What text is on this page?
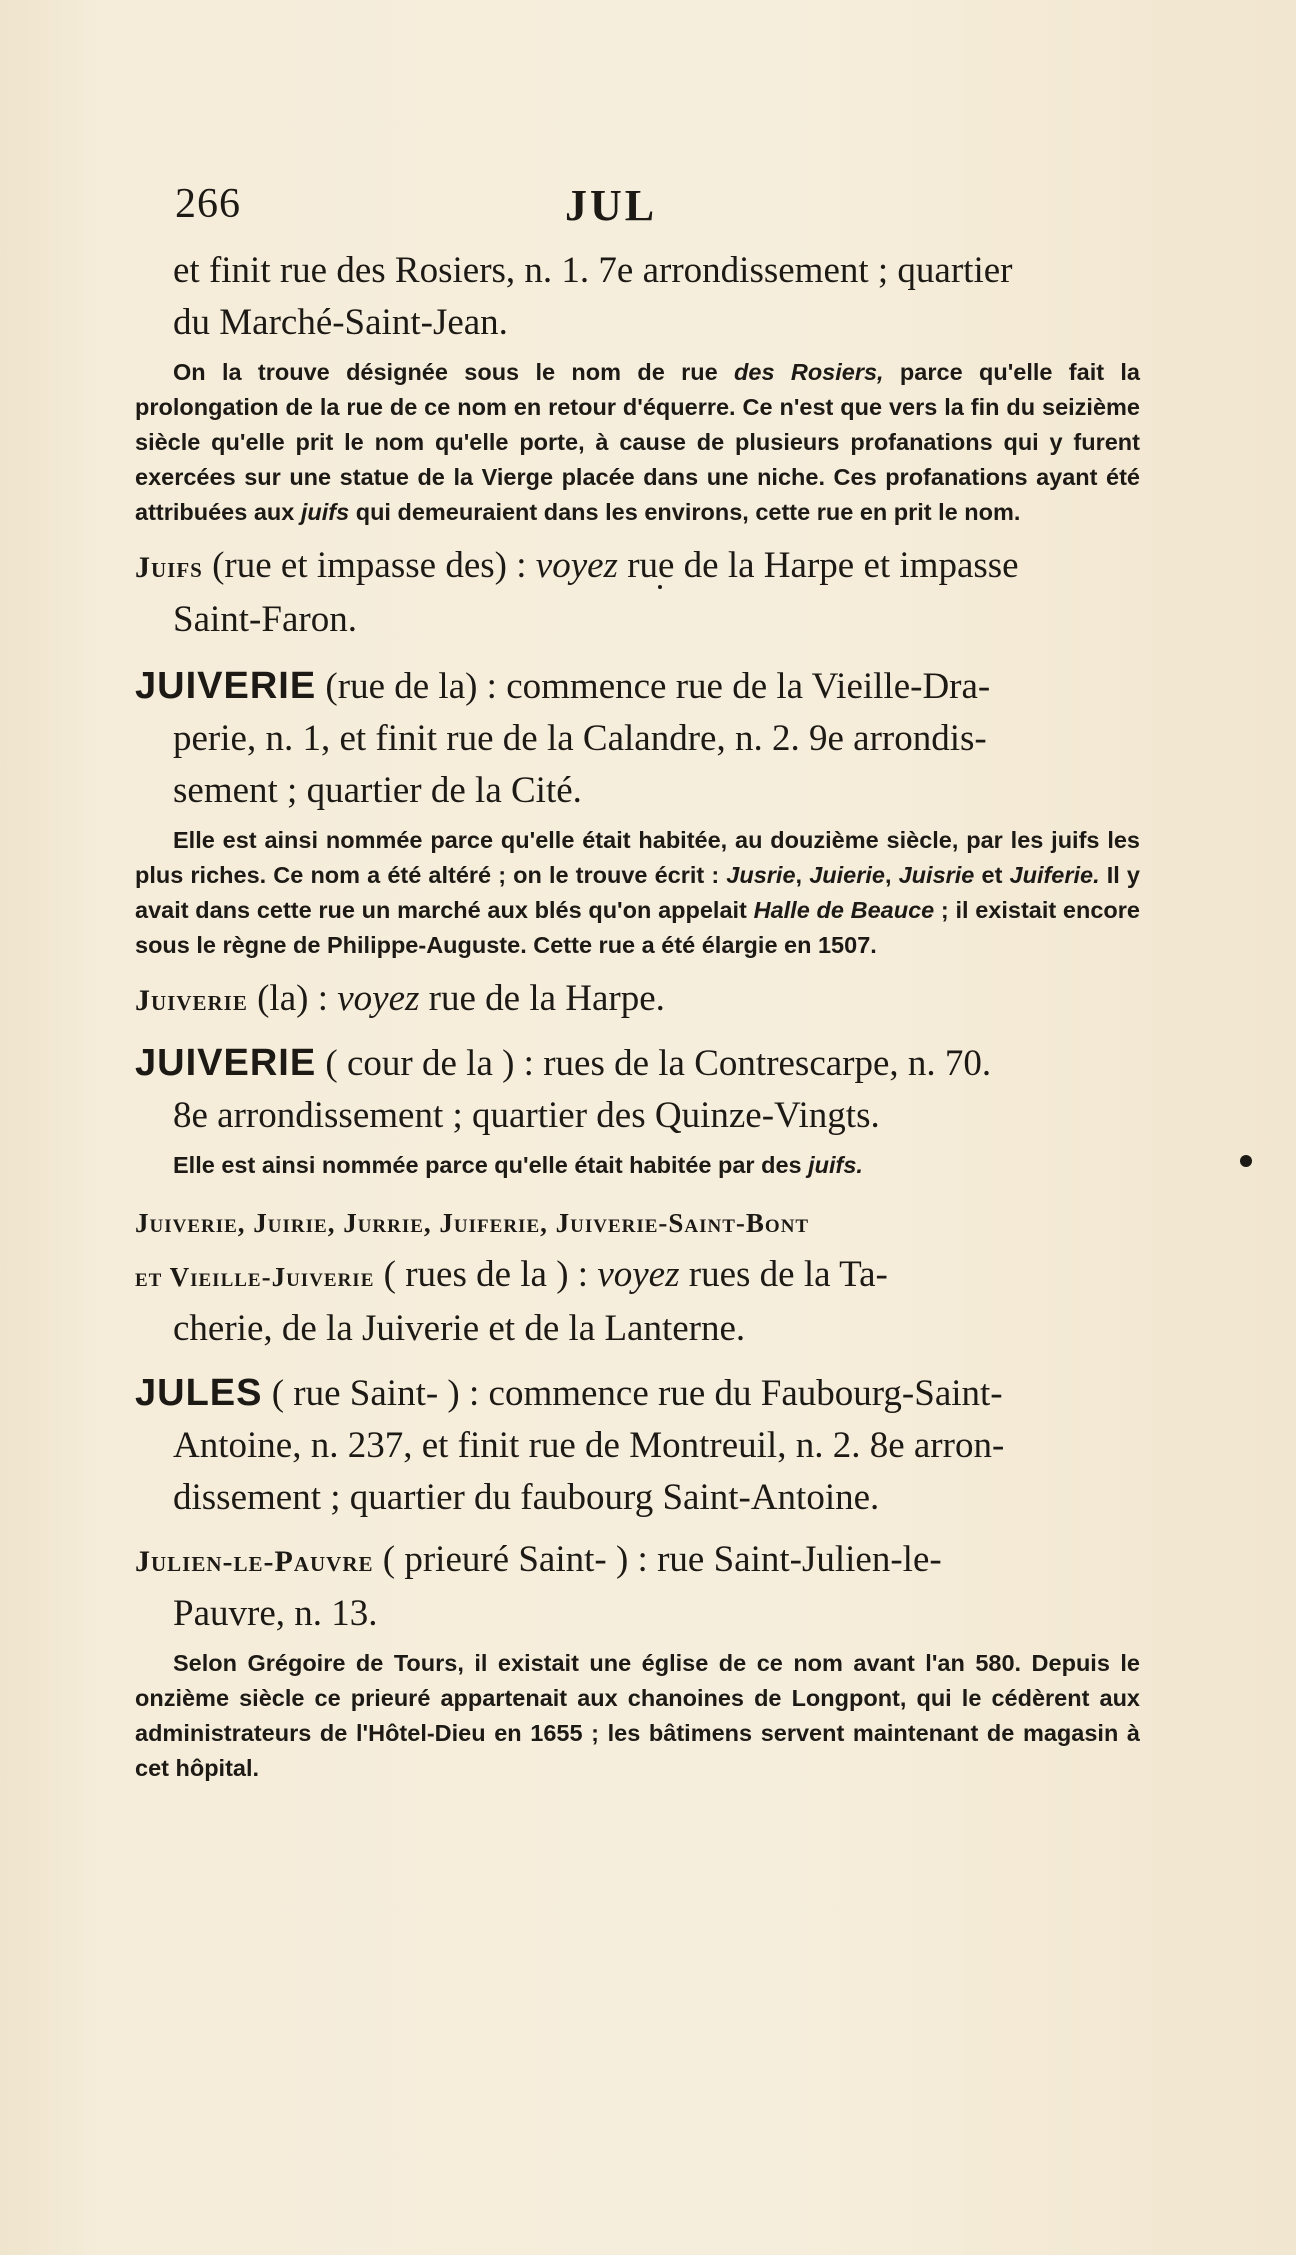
266	JUL
et finit rue des Rosiers, n. 1. 7e arrondissement ; quartier
du Marché-Saint-Jean.

On la trouve désignée sous le nom de rue des Rosiers, parce qu'elle fait la prolongation de la rue de ce nom en retour d'équerre. Ce n'est que vers la fin du seizième siècle qu'elle prit le nom qu'elle porte, à cause de plusieurs profanations qui y furent exercées sur une statue de la Vierge placée dans une niche. Ces profanations ayant été attribuées aux juifs qui demeuraient dans les environs, cette rue en prit le nom.

Juifs (rue et impasse des) : voyez rue de la Harpe et impasse
Saint-Faron.
JUIVERIE (rue de la) : commence rue de la Vieille-Dra-
perie, n. 1, et finit rue de la Calandre, n. 2. 9e arrondis-
sement ; quartier de la Cité.

Elle est ainsi nommée parce qu'elle était habitée, au douzième siècle, par les juifs les plus riches. Ce nom a été altéré ; on le trouve écrit : Jusrie, Juierie, Juisrie et Juiferie. Il y avait dans cette rue un marché aux blés qu'on appelait Halle de Beauce ; il existait encore sous le règne de Philippe-Auguste. Cette rue a été élargie en 1507.

Juiverie (la) : voyez rue de la Harpe.
JUIVERIE ( cour de la ) : rues de la Contrescarpe, n. 70.
8e arrondissement ; quartier des Quinze-Vingts.

Elle est ainsi nommée parce qu'elle était habitée par des juifs.

Juiverie, Juirie, Jurrie, Juiferie, Juiverie-Saint-Bont
et Vieille-Juiverie ( rues de la ) : voyez rues de la Ta-
cherie, de la Juiverie et de la Lanterne.
JULES ( rue Saint- ) : commence rue du Faubourg-Saint-
Antoine, n. 237, et finit rue de Montreuil, n. 2. 8e arron-
dissement ; quartier du faubourg Saint-Antoine.
Julien-le-Pauvre ( prieuré Saint- ) : rue Saint-Julien-le-
Pauvre, n. 13.

Selon Grégoire de Tours, il existait une église de ce nom avant l'an 580. Depuis le onzième siècle ce prieuré appartenait aux chanoines de Longpont, qui le cédèrent aux administrateurs de l'Hôtel-Dieu en 1655 ; les bâtimens servent maintenant de magasin à cet hôpital.
